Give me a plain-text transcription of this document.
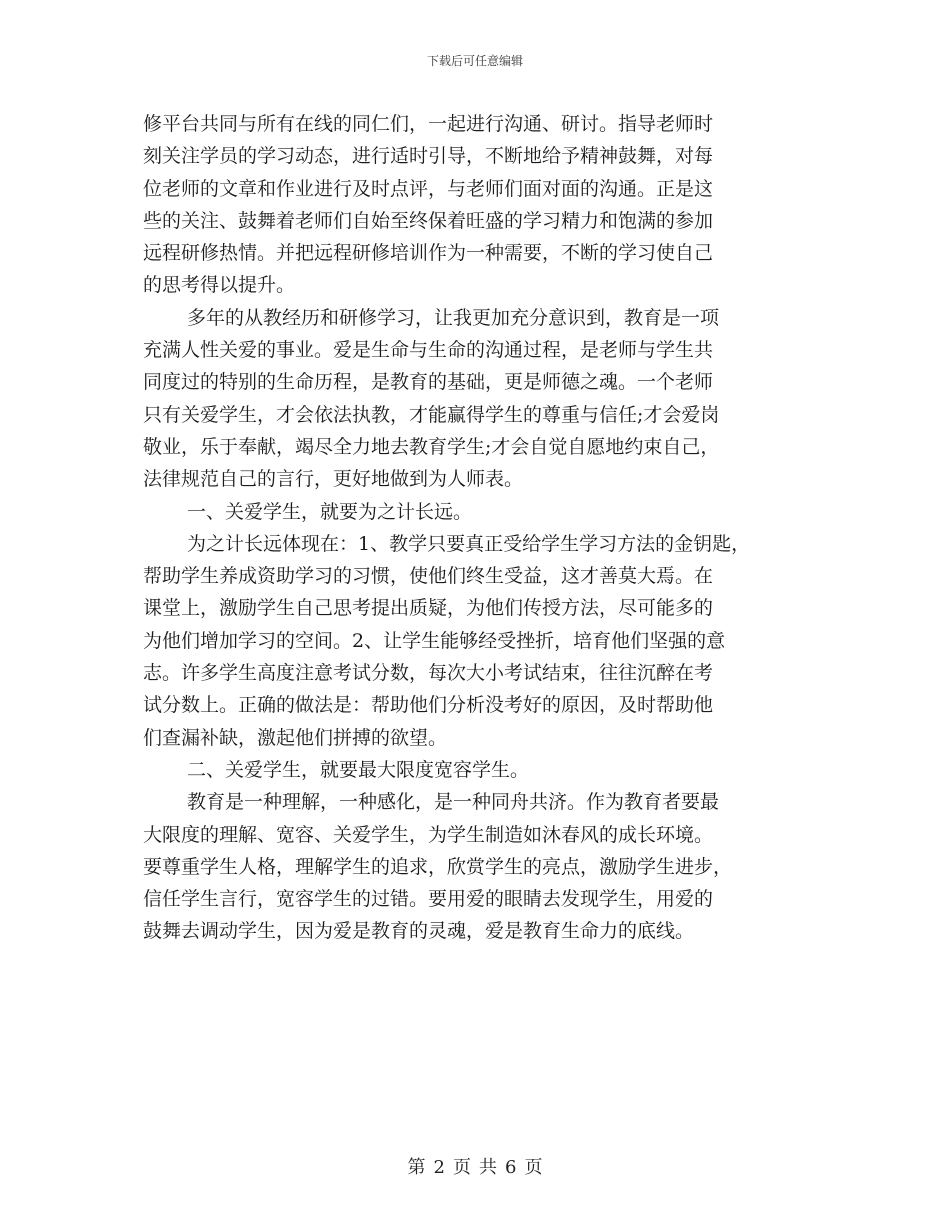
下载后可任意编辑
修平台共同与所有在线的同仁们，一起进行沟通、研讨。指导老师时
刻关注学员的学习动态，进行适时引导，不断地给予精神鼓舞，对每
位老师的文章和作业进行及时点评，与老师们面对面的沟通。正是这
些的关注、鼓舞着老师们自始至终保着旺盛的学习精力和饱满的参加
远程研修热情。并把远程研修培训作为一种需要，不断的学习使自己
的思考得以提升。
多年的从教经历和研修学习，让我更加充分意识到，教育是一项
充满人性关爱的事业。爱是生命与生命的沟通过程，是老师与学生共
同度过的特别的生命历程，是教育的基础，更是师德之魂。一个老师
只有关爱学生，才会依法执教，才能赢得学生的尊重与信任;才会爱岗
敬业，乐于奉献，竭尽全力地去教育学生;才会自觉自愿地约束自己，
法律规范自己的言行，更好地做到为人师表。
一、关爱学生，就要为之计长远。
为之计长远体现在：1、教学只要真正受给学生学习方法的金钥匙，
帮助学生养成资助学习的习惯，使他们终生受益，这才善莫大焉。在
课堂上，激励学生自己思考提出质疑，为他们传授方法，尽可能多的
为他们增加学习的空间。2、让学生能够经受挫折，培育他们坚强的意
志。许多学生高度注意考试分数，每次大小考试结束，往往沉醉在考
试分数上。正确的做法是：帮助他们分析没考好的原因，及时帮助他
们查漏补缺，激起他们拼搏的欲望。
二、关爱学生，就要最大限度宽容学生。
教育是一种理解，一种感化，是一种同舟共济。作为教育者要最
大限度的理解、宽容、关爱学生，为学生制造如沐春风的成长环境。
要尊重学生人格，理解学生的追求，欣赏学生的亮点，激励学生进步，
信任学生言行，宽容学生的过错。要用爱的眼睛去发现学生，用爱的
鼓舞去调动学生，因为爱是教育的灵魂，爱是教育生命力的底线。
第 2 页 共 6 页
